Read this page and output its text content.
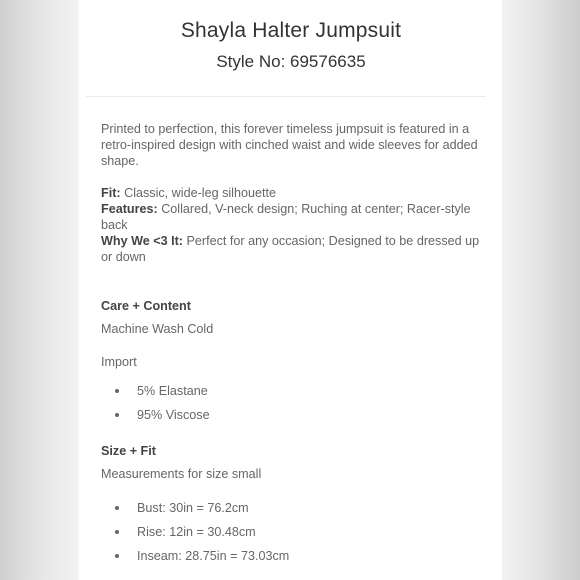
Shayla Halter Jumpsuit
Style No: 69576635

Printed to perfection, this forever timeless jumpsuit is featured in a retro-inspired design with cinched waist and wide sleeves for added shape.

Fit: Classic, wide-leg silhouette

Features: Collared, V-neck design; Ruching at center; Racer-style back

Why We <3 It: Perfect for any occasion; Designed to be dressed up or down

Care + Content

Machine Wash Cold

Import

5% Elastane
95% Viscose

Size + Fit

Measurements for size small

Bust: 30in = 76.2cm
Rise: 12in = 30.48cm
Inseam: 28.75in = 73.03cm
